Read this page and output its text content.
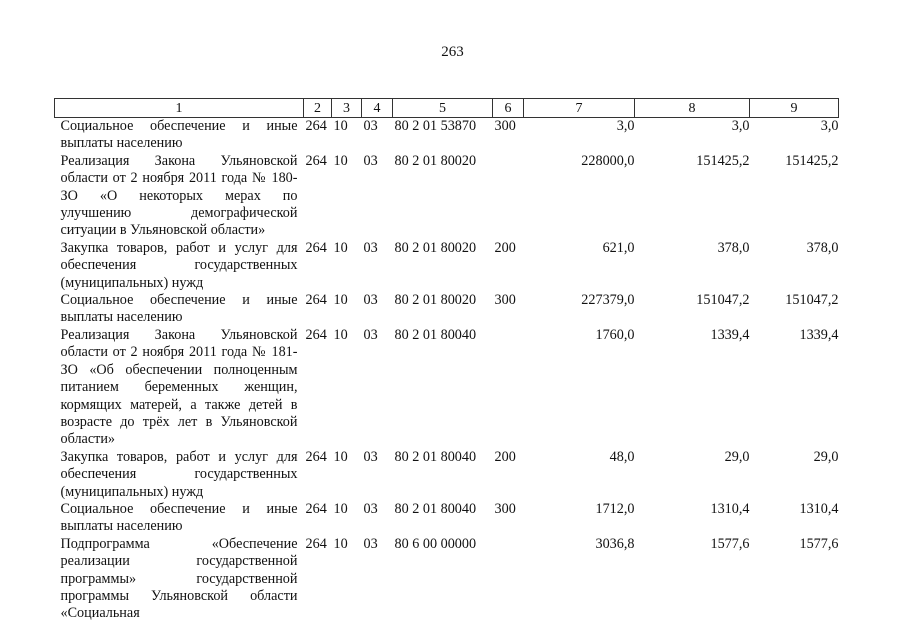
263
1	2	3	4	5	6	7	8	9
Социальное обеспечение и иные выплаты населению	264	10	03	80 2 01 53870	300	3,0	3,0	3,0
Реализация Закона Ульяновской области от 2 ноября 2011 года № 180-ЗО «О некоторых мерах по улучшению демографической ситуации в Ульяновской области»	264	10	03	80 2 01 80020		228000,0	151425,2	151425,2
Закупка товаров, работ и услуг для обеспечения государственных (муниципальных) нужд	264	10	03	80 2 01 80020	200	621,0	378,0	378,0
Социальное обеспечение и иные выплаты населению	264	10	03	80 2 01 80020	300	227379,0	151047,2	151047,2
Реализация Закона Ульяновской области от 2 ноября 2011 года № 181-ЗО «Об обеспечении полноценным питанием беременных женщин, кормящих матерей, а также детей в возрасте до трёх лет в Ульяновской области»	264	10	03	80 2 01 80040		1760,0	1339,4	1339,4
Закупка товаров, работ и услуг для обеспечения государственных (муниципальных) нужд	264	10	03	80 2 01 80040	200	48,0	29,0	29,0
Социальное обеспечение и иные выплаты населению	264	10	03	80 2 01 80040	300	1712,0	1310,4	1310,4
Подпрограмма «Обеспечение реализации государственной программы» государственной программы Ульяновской области «Социальная	264	10	03	80 6 00 00000		3036,8	1577,6	1577,6
